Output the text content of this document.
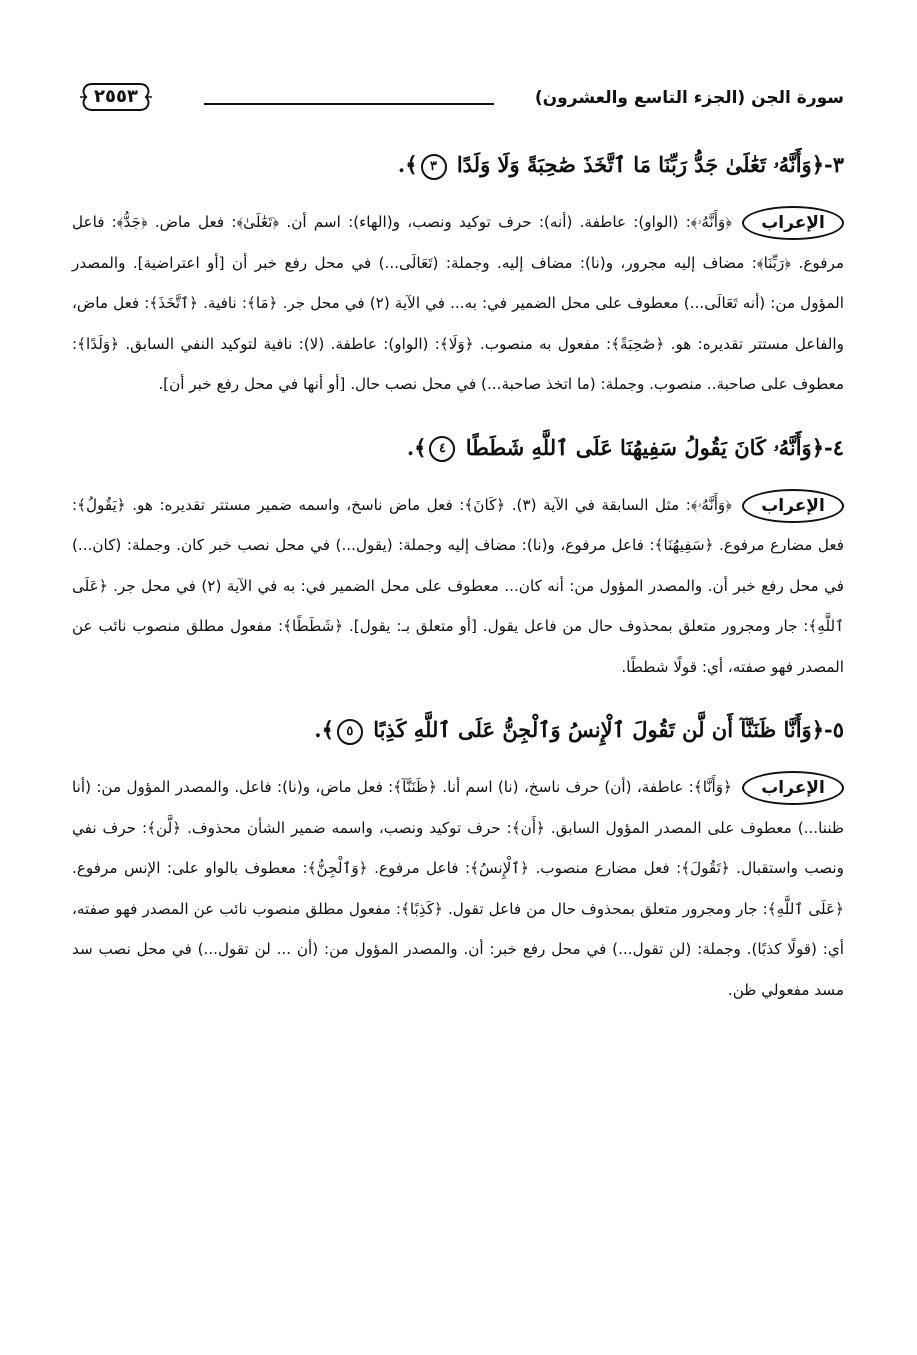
سورة الجن (الجزء التاسع والعشرون)
٢٥٥٣
٣-﴿وَأَنَّهُۥ تَعَٰلَىٰ جَدُّ رَبِّنَا مَا ٱتَّخَذَ صَٰحِبَةً وَلَا وَلَدًا ٣﴾.
الإعراب

﴿وَأَنَّهُۥ﴾: (الواو): عاطفة. (أنه): حرف توكيد ونصب، و(الهاء): اسم أن. ﴿تَعَٰلَىٰ﴾: فعل ماض. ﴿جَدُّ﴾: فاعل مرفوع. ﴿رَبِّنَا﴾: مضاف إليه مجرور، و(نا): مضاف إليه. وجملة: (تَعَالَى...) في محل رفع خبر أن [أو اعتراضية]. والمصدر المؤول من: (أنه تَعَالَى...) معطوف على محل الضمير في: به... في الآية (٢) في محل جر. ﴿مَا﴾: نافية. ﴿ٱتَّخَذَ﴾: فعل ماض، والفاعل مستتر تقديره: هو. ﴿صَٰحِبَةً﴾: مفعول به منصوب. ﴿وَلَا﴾: (الواو): عاطفة. (لا): نافية لتوكيد النفي السابق. ﴿وَلَدًا﴾: معطوف على صاحبة.. منصوب. وجملة: (ما اتخذ صاحبة...) في محل نصب حال. [أو أنها في محل رفع خبر أن].

٤-﴿وَأَنَّهُۥ كَانَ يَقُولُ سَفِيهُنَا عَلَى ٱللَّهِ شَطَطًا ٤﴾.
الإعراب

﴿وَأَنَّهُۥ﴾: مثل السابقة في الآية (٣). ﴿كَانَ﴾: فعل ماض ناسخ، واسمه ضمير مستتر تقديره: هو. ﴿يَقُولُ﴾: فعل مضارع مرفوع. ﴿سَفِيهُنَا﴾: فاعل مرفوع، و(نا): مضاف إليه وجملة: (يقول...) في محل نصب خبر كان. وجملة: (كان...) في محل رفع خبر أن. والمصدر المؤول من: أنه كان... معطوف على محل الضمير في: به في الآية (٢) في محل جر. ﴿عَلَى ٱللَّهِ﴾: جار ومجرور متعلق بمحذوف حال من فاعل يقول. [أو متعلق بـ: يقول]. ﴿شَطَطًا﴾: مفعول مطلق منصوب نائب عن المصدر فهو صفته، أي: قولًا شططًا.

٥-﴿وَأَنَّا ظَنَنَّآ أَن لَّن تَقُولَ ٱلْإِنسُ وَٱلْجِنُّ عَلَى ٱللَّهِ كَذِبًا ٥﴾.
الإعراب

﴿وَأَنَّا﴾: عاطفة، (أن) حرف ناسخ، (نا) اسم أنا. ﴿ظَنَنَّآ﴾: فعل ماض، و(نا): فاعل. والمصدر المؤول من: (أنا ظننا...) معطوف على المصدر المؤول السابق. ﴿أَن﴾: حرف توكيد ونصب، واسمه ضمير الشأن محذوف. ﴿لَّن﴾: حرف نفي ونصب واستقبال. ﴿تَقُولَ﴾: فعل مضارع منصوب. ﴿ٱلْإِنسُ﴾: فاعل مرفوع. ﴿وَٱلْجِنُّ﴾: معطوف بالواو على: الإنس مرفوع. ﴿عَلَى ٱللَّهِ﴾: جار ومجرور متعلق بمحذوف حال من فاعل تقول. ﴿كَذِبًا﴾: مفعول مطلق منصوب نائب عن المصدر فهو صفته، أي: (قولًا كذبًا). وجملة: (لن تقول...) في محل رفع خبر: أن. والمصدر المؤول من: (أن ... لن تقول...) في محل نصب سد مسد مفعولي ظن.
